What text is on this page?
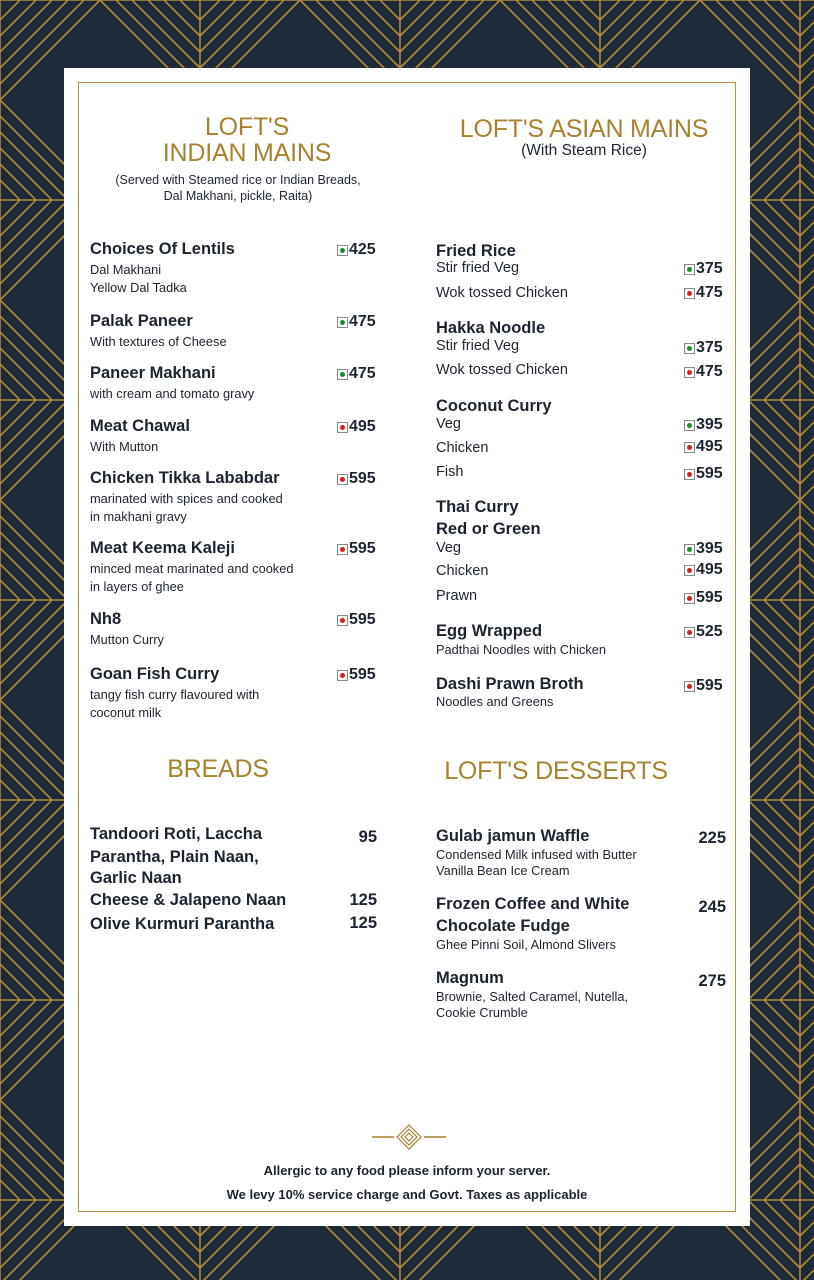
LOFT'S
INDIAN MAINS
(Served with Steamed rice or Indian Breads,
Dal Makhani, pickle, Raita)
Choices Of Lentils
Dal Makhani
Yellow Dal Tadka
425
Palak Paneer
With textures of Cheese
475
Paneer Makhani
with cream and tomato gravy
475
Meat Chawal
With Mutton
495
Chicken Tikka Lababdar
marinated with spices and cooked
in makhani gravy
595
Meat Keema Kaleji
minced meat marinated and cooked
in layers of ghee
595
Nh8
Mutton Curry
595
Goan Fish Curry
tangy fish curry flavoured with
coconut milk
595
LOFT'S ASIAN MAINS
(With Steam Rice)
Fried Rice
Stir fried Veg	375
Wok tossed Chicken	475
Hakka Noodle
Stir fried Veg	375
Wok tossed Chicken	475
Coconut Curry
Veg	395
Chicken	495
Fish	595
Thai Curry
Red or Green
Veg	395
Chicken	495
Prawn	595
Egg Wrapped
Padthai Noodles with Chicken
525
Dashi Prawn Broth
Noodles and Greens
595
BREADS
Tandoori Roti, Laccha
Parantha, Plain Naan,
Garlic Naan
95
Cheese & Jalapeno Naan	125
Olive Kurmuri Parantha	125
LOFT'S DESSERTS
Gulab jamun Waffle
Condensed Milk infused with Butter
Vanilla Bean Ice Cream
225
Frozen Coffee and White
Chocolate Fudge
Ghee Pinni Soil, Almond Slivers
245
Magnum
Brownie, Salted Caramel, Nutella,
Cookie Crumble
275
Allergic to any food please inform your server.
We levy 10% service charge and Govt. Taxes as applicable
